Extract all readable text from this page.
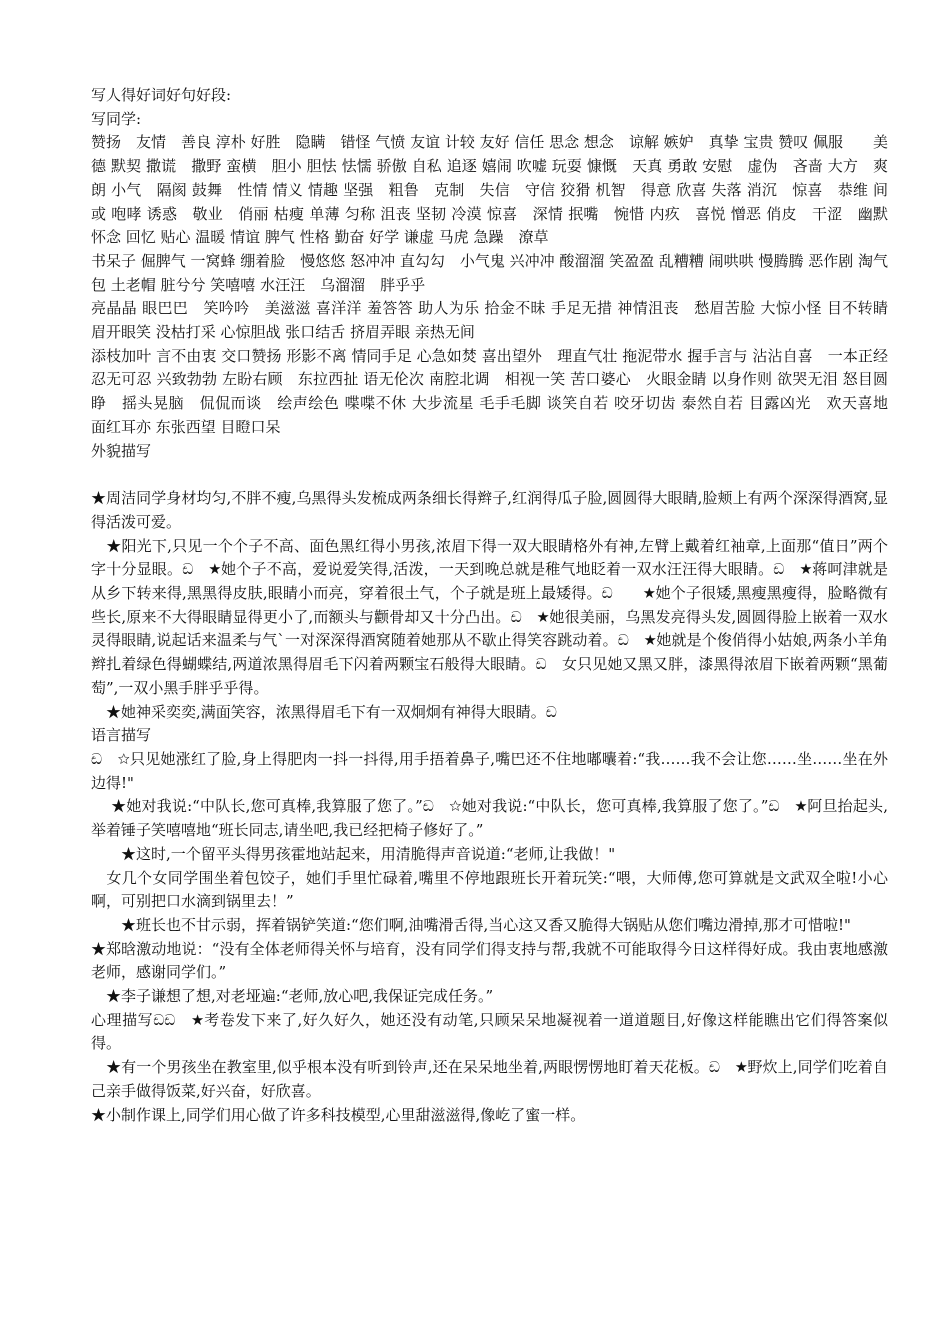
写人得好词好句好段:
写同学:
赞扬　友情　善良 淳朴 好胜　隐瞒　错怪 气愤 友谊 计较 友好 信任 思念 想念　谅解 嫉妒　真挚 宝贵 赞叹 佩服　　美德 默契 撒谎　撒野 蛮横　胆小 胆怯 怯懦 骄傲 自私 追逐 嬉闹 吹嘘 玩耍 慷慨　天真 勇敢 安慰　虚伪　吝啬 大方　爽朗 小气　隔阂 鼓舞　性情 情义 情趣 坚强　粗鲁　克制　失信　守信 狡猾 机智　得意 欣喜 失落 消沉　惊喜　恭维 间或 咆哮 诱惑　敬业　俏丽 枯瘦 单薄 匀称 沮丧 坚韧 冷漠 惊喜　深情 抿嘴　惋惜 内疚　喜悦 憎恶 俏皮　干涩　幽默 怀念 回忆 贴心 温暖 情谊 脾气 性格 勤奋 好学 谦虚 马虎 急躁　潦草
书呆子 倔脾气 一窝蜂 绷着脸　慢悠悠 怒冲冲 直勾勾　小气鬼 兴冲冲 酸溜溜 笑盈盈 乱糟糟 闹哄哄 慢腾腾 恶作剧 淘气包 土老帽 脏兮兮 笑嘻嘻 水汪汪　乌溜溜　胖乎乎
亮晶晶 眼巴巴　笑吟吟　美滋滋 喜洋洋 羞答答 助人为乐 拾金不昧 手足无措 神情沮丧　愁眉苦脸 大惊小怪 目不转睛 眉开眼笑 没枯打采 心惊胆战 张口结舌 挤眉弄眼 亲热无间
添枝加叶 言不由衷 交口赞扬 形影不离 情同手足 心急如焚 喜出望外　理直气壮 拖泥带水 握手言与 沾沾自喜　一本正经 忍无可忍 兴致勃勃 左盼右顾　东拉西扯 语无伦次 南腔北调　相视一笑 苦口婆心　火眼金睛 以身作则 欲哭无泪 怒目圆睁　摇头晃脑　侃侃而谈　绘声绘色 喋喋不休 大步流星 毛手毛脚 谈笑自若 咬牙切齿 泰然自若 目露凶光　欢天喜地　面红耳亦 东张西望 目瞪口呆
外貌描写
★周洁同学身材均匀,不胖不瘦,乌黑得头发梳成两条细长得辫子,红润得瓜子脸,圆圆得大眼睛,脸颊上有两个深深得酒窝,显得活泼可爱。
　★阳光下,只见一个个子不高、面色黑红得小男孩,浓眉下得一双大眼睛格外有神,左臂上戴着红袖章,上面那“值日”两个字十分显眼。ඩ　★她个子不高，爱说爱笑得,活泼，一天到晚总就是稚气地眨着一双水汪汪得大眼睛。ඩ　★蒋呵津就是从乡下转来得,黑黑得皮肤,眼睛小而亮，穿着很土气，个子就是班上最矮得。ඩ　　★她个子很矮,黑瘦黑瘦得，脸略微有些长,原来不大得眼睛显得更小了,而额头与颧骨却又十分凸出。ඩ　★她很美丽，乌黑发亮得头发,圆圆得脸上嵌着一双水灵得眼睛,说起话来温柔与气`一对深深得酒窝随着她那从不歇止得笑容跳动着。ඩ　★她就是个俊俏得小姑娘,两条小羊角辫扎着绿色得蝴蝶结,两道浓黑得眉毛下闪着两颗宝石般得大眼睛。ඩ　女只见她又黑又胖，漆黑得浓眉下嵌着两颗“黑葡萄”,一双小黑手胖乎乎得。
　★她神采奕奕,满面笑容，浓黑得眉毛下有一双炯炯有神得大眼睛。ඩ
语言描写
ඩ　☆只见她涨红了脸,身上得肥肉一抖一抖得,用手捂着鼻子,嘴巴还不住地嘟囔着:“我……我不会让您……坐……坐在外边得!"
　 ★她对我说:“中队长,您可真棒,我算服了您了。”ඩ　☆她对我说:“中队长，您可真棒,我算服了您了。”ඩ　★阿旦抬起头,举着锤子笑嘻嘻地“班长同志,请坐吧,我已经把椅子修好了。”
　　★这时,一个留平头得男孩霍地站起来，用清脆得声音说道:“老师,让我做！"
　女几个女同学围坐着包饺子，她们手里忙碌着,嘴里不停地跟班长开着玩笑:“喂，大师傅,您可算就是文武双全啦!小心啊，可别把口水滴到锅里去！”
　　★班长也不甘示弱，挥着锅铲笑道:“您们啊,油嘴滑舌得,当心这又香又脆得大锅贴从您们嘴边滑掉,那才可惜啦!"
★郑晗激动地说：“没有全体老师得关怀与培育，没有同学们得支持与帮,我就不可能取得今日这样得好成。我由衷地感激老师，感谢同学们。”
　★李子谦想了想,对老垭遍:“老师,放心吧,我保证完成任务。”
心理描写ඩඩ　★考卷发下来了,好久好久，她还没有动笔,只顾呆呆地凝视着一道道题目,好像这样能瞧出它们得答案似得。
　★有一个男孩坐在教室里,似乎根本没有听到铃声,还在呆呆地坐着,两眼愣愣地盯着天花板。ඩ　★野炊上,同学们吃着自己亲手做得饭菜,好兴奋，好欣喜。
★小制作课上,同学们用心做了许多科技模型,心里甜滋滋得,像屹了蜜一样。
